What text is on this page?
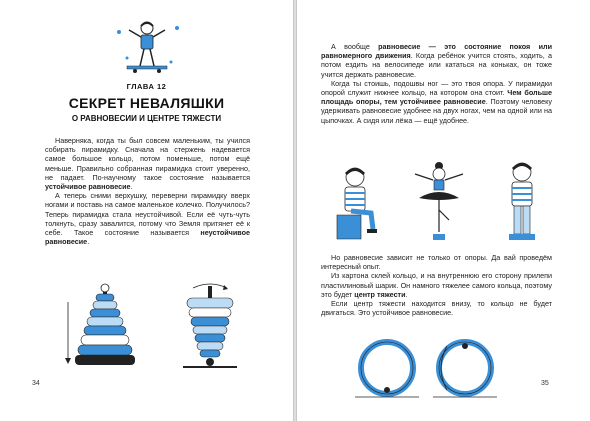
ГЛАВА 12
СЕКРЕТ НЕВАЛЯШКИ
О РАВНОВЕСИИ И ЦЕНТРЕ ТЯЖЕСТИ

Наверняка, когда ты был совсем маленьким, ты учился собирать пирамидку. Сначала на стержень надевается самое большое кольцо, потом поменьше, потом ещё меньше. Правильно собранная пирамидка стоит уверенно, не падает. По-научному такое состояние называется устойчивое равновесие.

А теперь сними верхушку, переверни пирамидку вверх ногами и поставь на самое маленькое колечко. Получилось? Теперь пирамидка стала неустойчивой. Если её чуть-чуть толкнуть, сразу завалится, потому что Земля притянет её к себе. Такое состояние называется неустойчивое равновесие.

34

А вообще равновесие — это состояние покоя или равномерного движения. Когда ребёнок учится стоять, ходить, а потом ездить на велосипеде или кататься на коньках, он тоже учится держать равновесие.

Когда ты стоишь, подошвы ног — это твоя опора. У пирамидки опорой служит нижнее кольцо, на котором она стоит. Чем больше площадь опоры, тем устойчивее равновесие. Поэтому человеку удерживать равновесие удобнее на двух ногах, чем на одной или на цыпочках. А сидя или лёжа — ещё удобнее.

Но равновесие зависит не только от опоры. Да вай проведём интересный опыт.

Из картона склей кольцо, и на внутреннюю его сторону прилепи пластилиновый шарик. Он намного тяжелее самого кольца, поэтому это будет центр тяжести.

Если центр тяжести находится внизу, то кольцо не будет двигаться. Это устойчивое равновесие.

35
